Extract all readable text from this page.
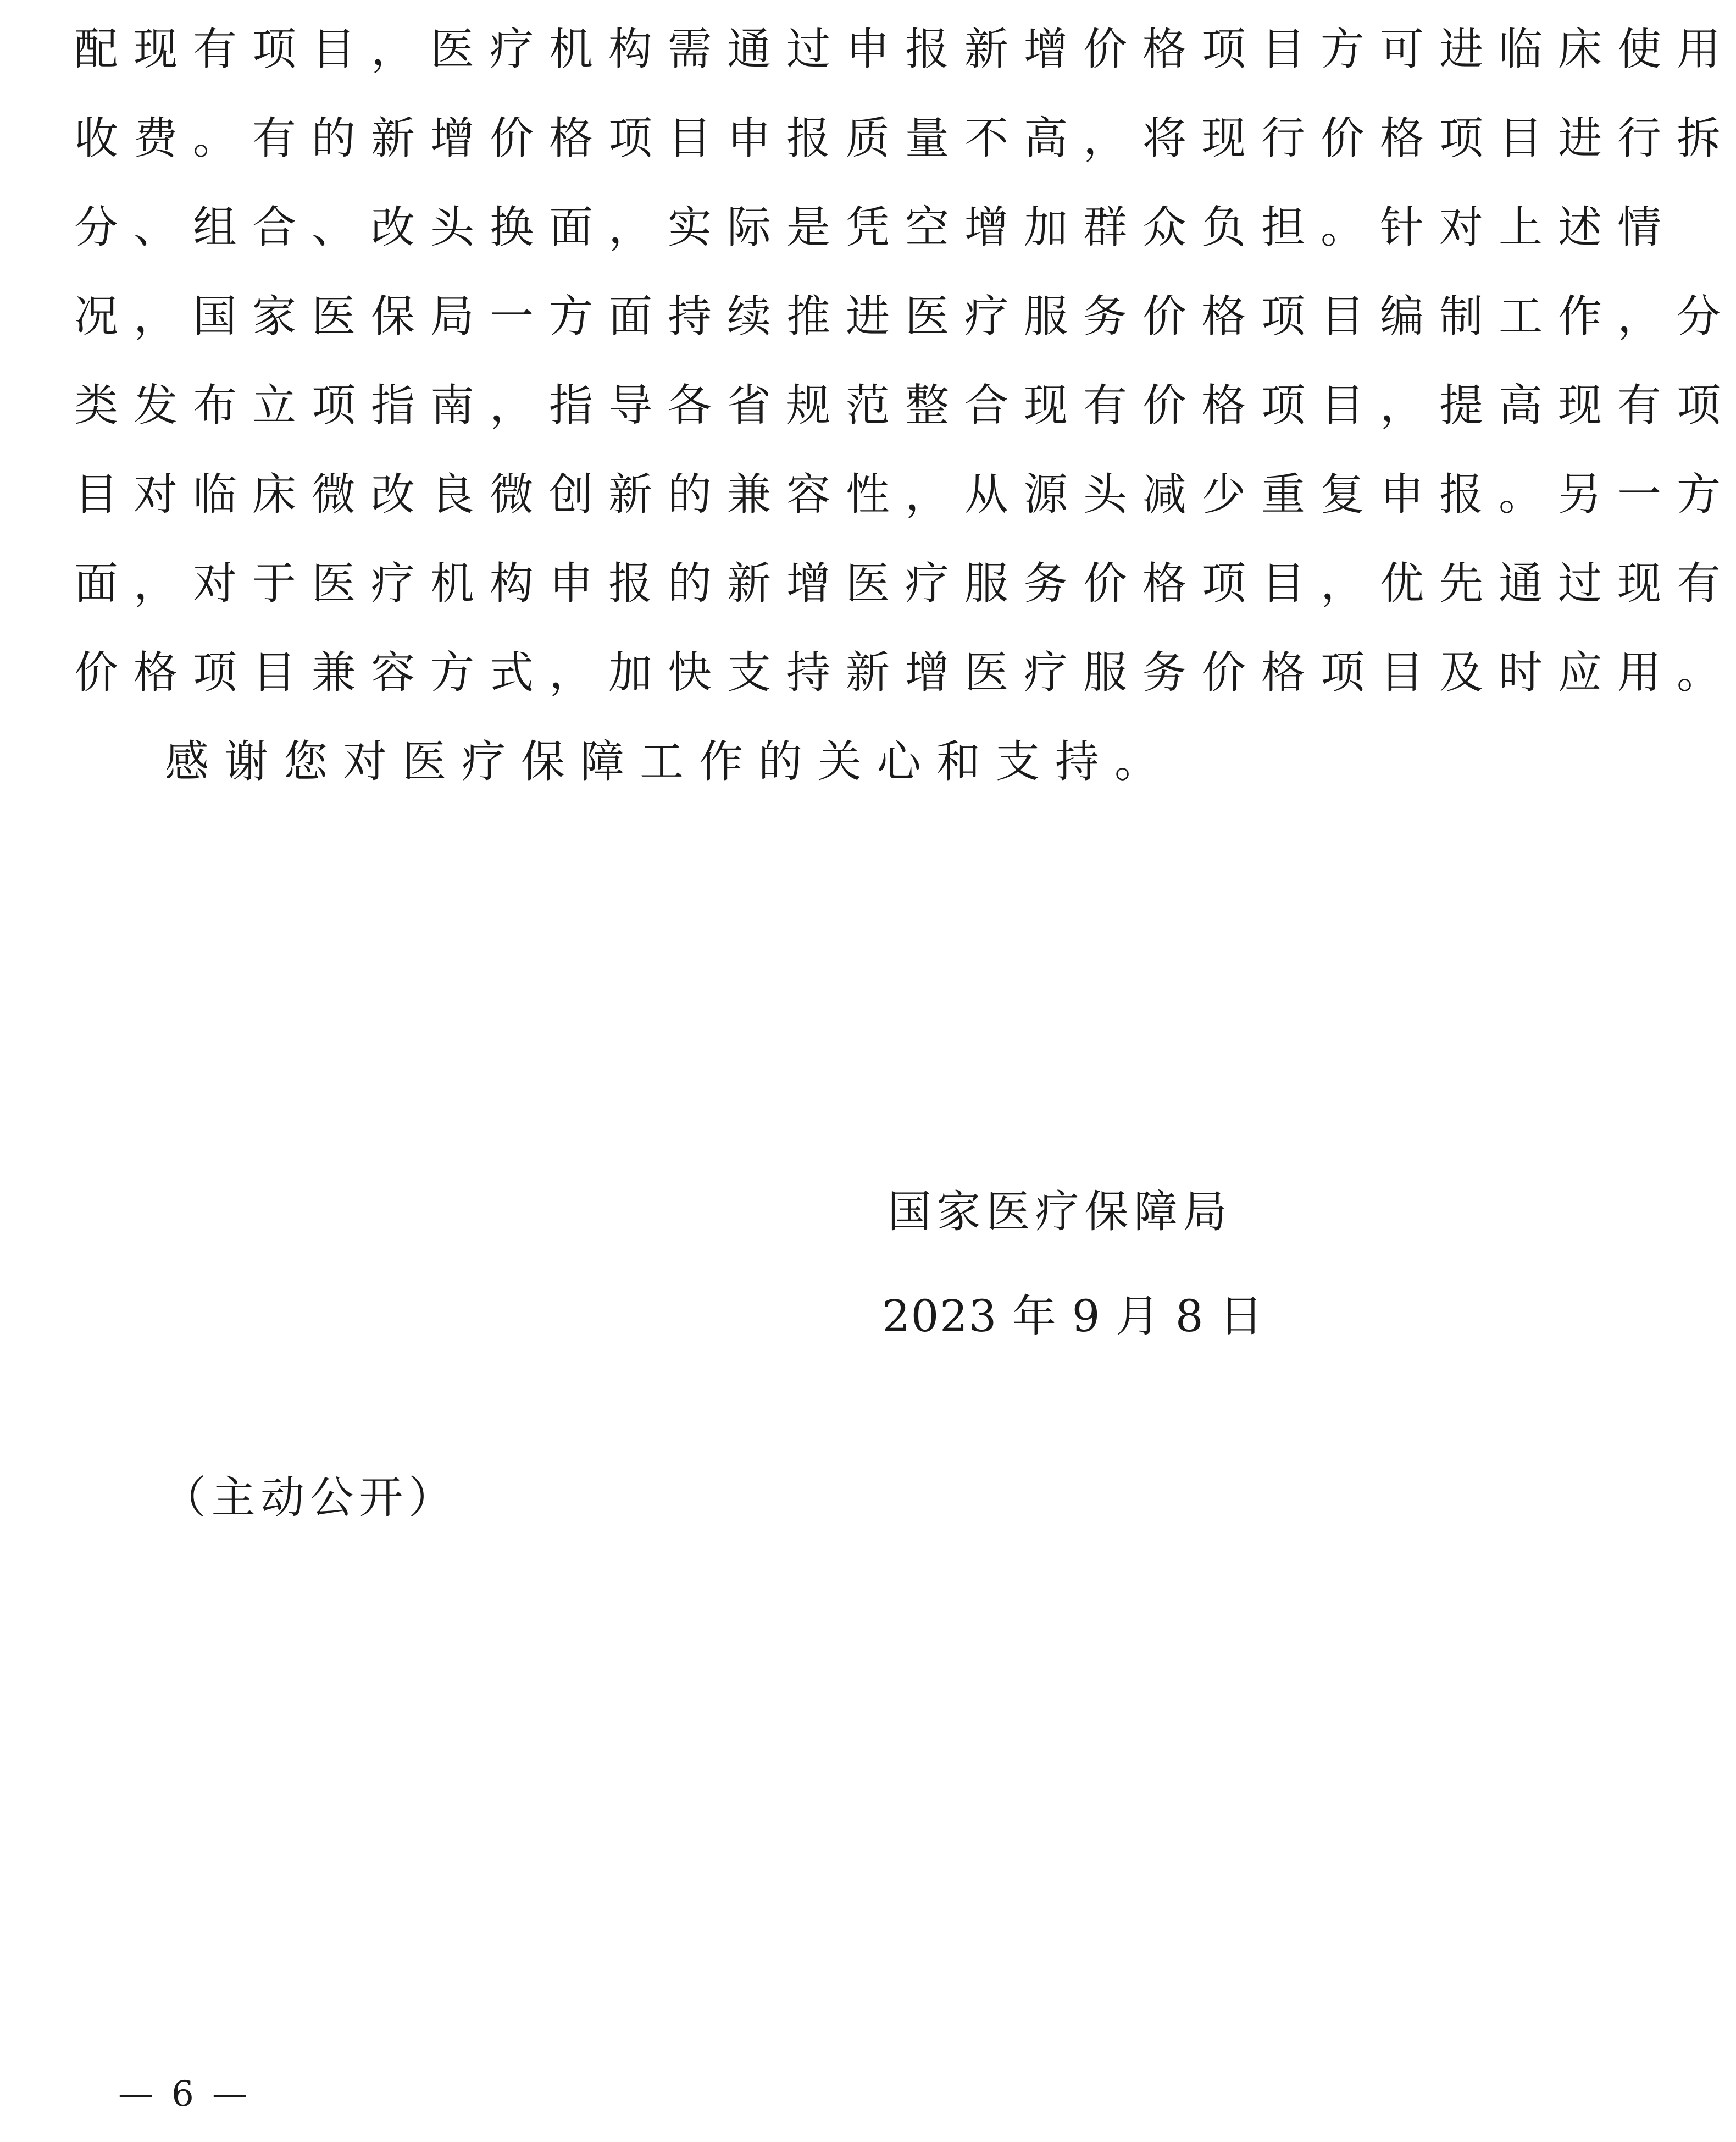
配现有项目，医疗机构需通过申报新增价格项目方可进临床使用
收费。有的新增价格项目申报质量不高，将现行价格项目进行拆
分、组合、改头换面，实际是凭空增加群众负担。针对上述情
况，国家医保局一方面持续推进医疗服务价格项目编制工作，分
类发布立项指南，指导各省规范整合现有价格项目，提高现有项
目对临床微改良微创新的兼容性，从源头减少重复申报。另一方
面，对于医疗机构申报的新增医疗服务价格项目，优先通过现有
价格项目兼容方式，加快支持新增医疗服务价格项目及时应用。
感谢您对医疗保障工作的关心和支持。
国家医疗保障局
2023 年 9 月 8 日
（主动公开）
— 6 —
